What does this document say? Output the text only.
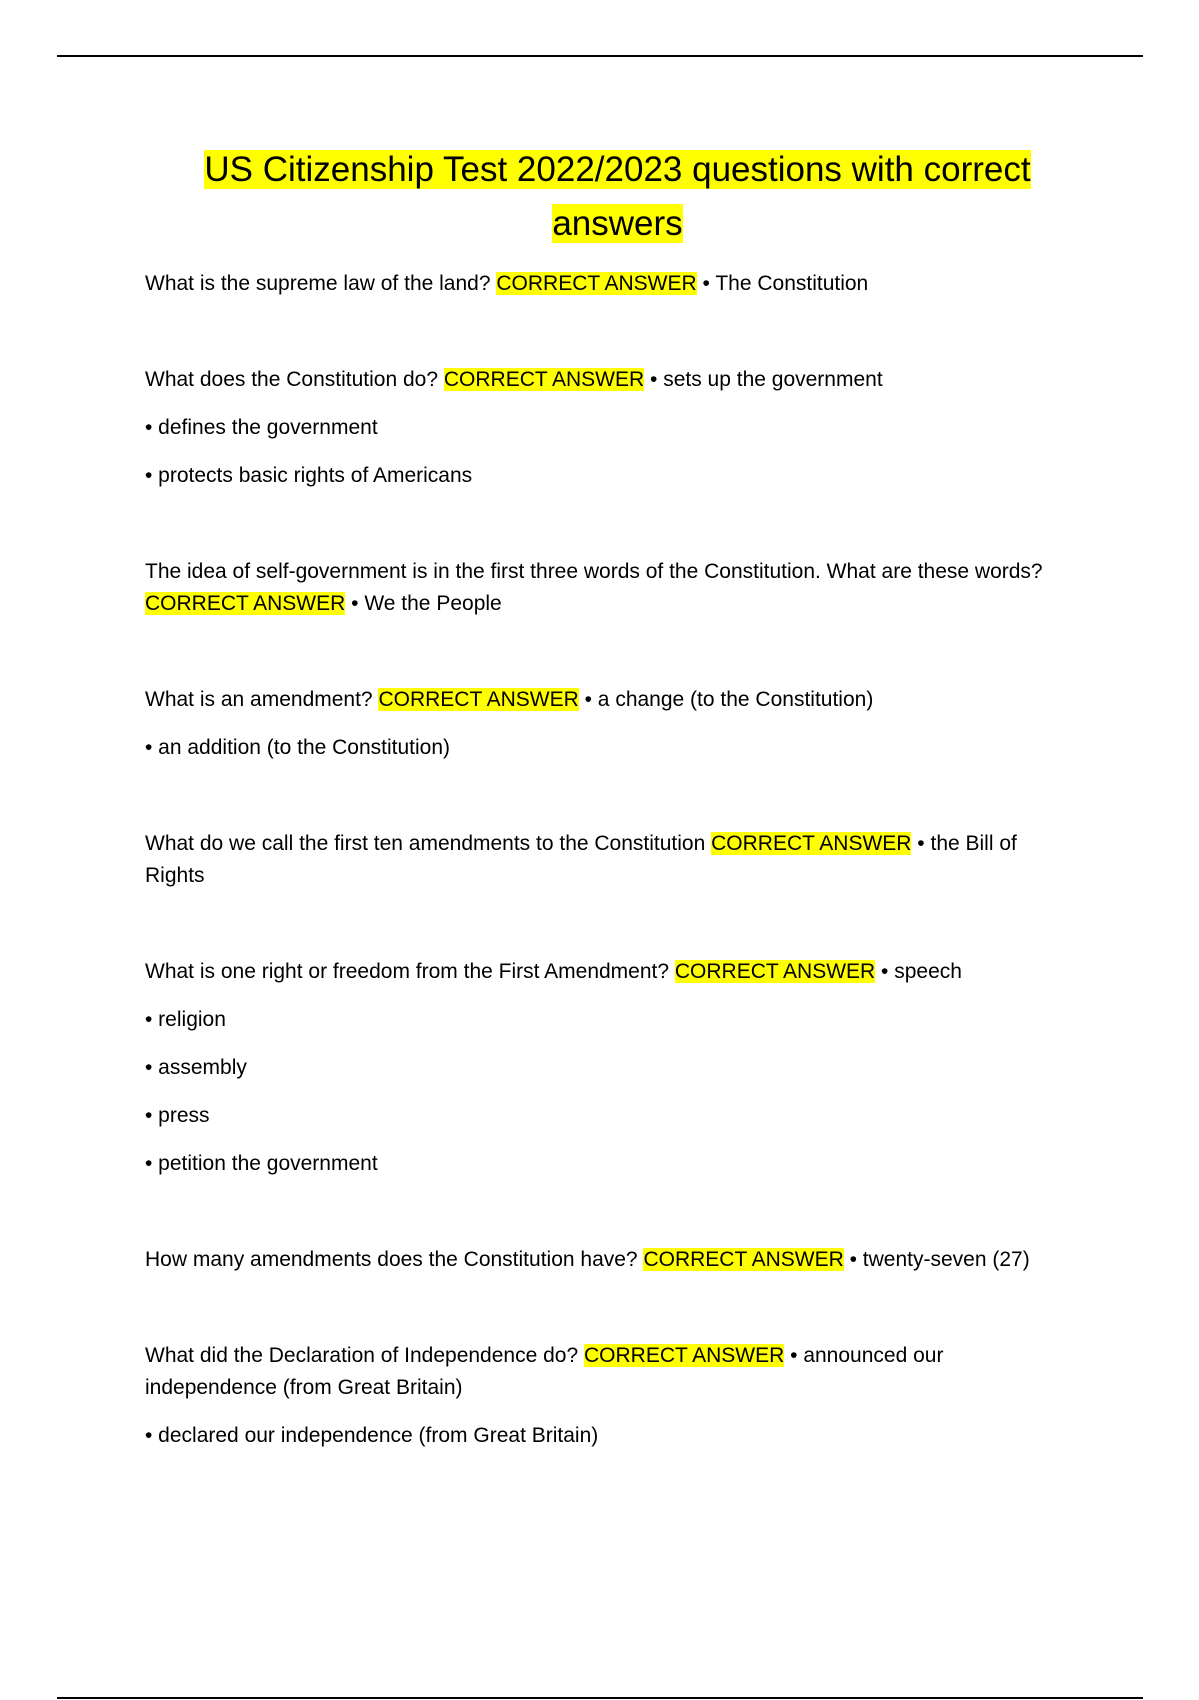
US Citizenship Test 2022/2023 questions with correct answers

What is the supreme law of the land? CORRECT ANSWER • The Constitution

What does the Constitution do? CORRECT ANSWER • sets up the government

• defines the government

• protects basic rights of Americans

The idea of self-government is in the first three words of the Constitution. What are these words? CORRECT ANSWER • We the People

What is an amendment? CORRECT ANSWER • a change (to the Constitution)

• an addition (to the Constitution)

What do we call the first ten amendments to the Constitution CORRECT ANSWER • the Bill of Rights

What is one right or freedom from the First Amendment? CORRECT ANSWER • speech

• religion

• assembly

• press

• petition the government

How many amendments does the Constitution have? CORRECT ANSWER • twenty-seven (27)

What did the Declaration of Independence do? CORRECT ANSWER • announced our independence (from Great Britain)

• declared our independence (from Great Britain)
